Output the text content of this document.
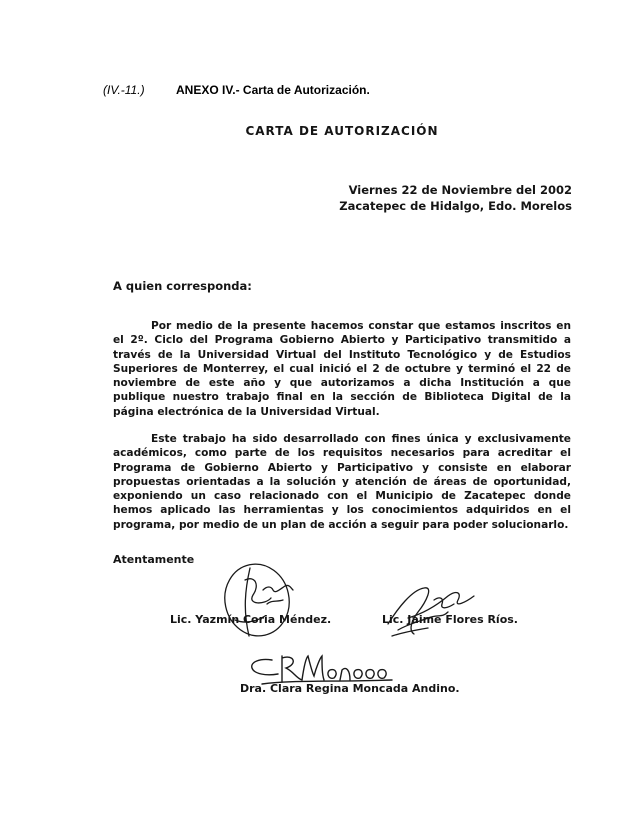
(IV.-11.)	ANEXO IV.- Carta de Autorización.
CARTA DE AUTORIZACIÓN
Viernes 22 de Noviembre del 2002
Zacatepec de Hidalgo, Edo. Morelos
A quien corresponda:
Por medio de la presente hacemos constar que estamos inscritos en el 2º. Ciclo del Programa Gobierno Abierto y Participativo transmitido a través de la Universidad Virtual del Instituto Tecnológico y de Estudios Superiores de Monterrey, el cual inició el 2 de octubre y terminó el 22 de noviembre de este año y que autorizamos a dicha Institución a que publique nuestro trabajo final en la sección de Biblioteca Digital de la página electrónica de la Universidad Virtual.
Este trabajo ha sido desarrollado con fines única y exclusivamente académicos, como parte de los requisitos necesarios para acreditar el Programa de Gobierno Abierto y Participativo y consiste en elaborar propuestas orientadas a la solución y atención de áreas de oportunidad, exponiendo un caso relacionado con el Municipio de Zacatepec donde hemos aplicado las herramientas y los conocimientos adquiridos en el programa, por medio de un plan de acción a seguir para poder solucionarlo.
Atentamente
Lic. Yazmín Coria Méndez.	Lic. Jaime Flores Ríos.
Dra. Clara Regina Moncada Andino.
